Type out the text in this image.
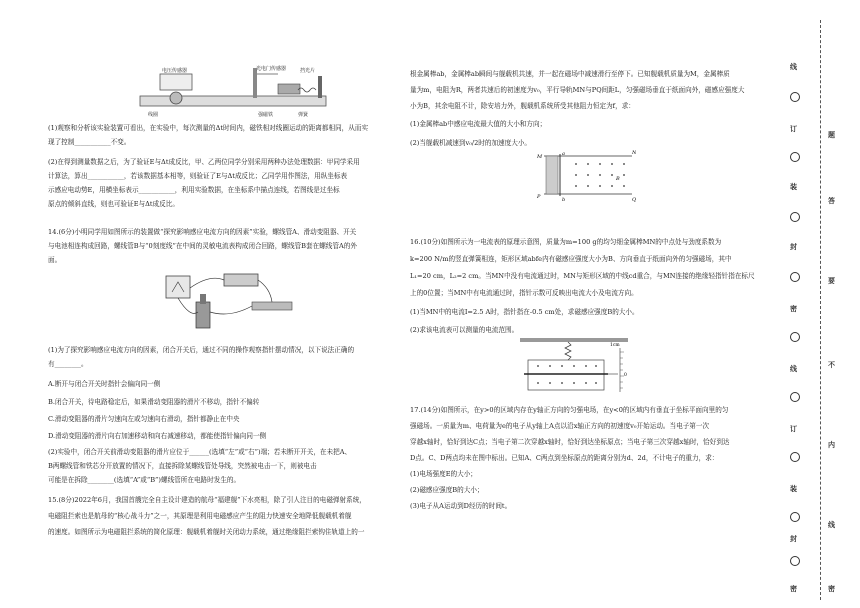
电压传感器	光电门传感器	挡光片
线圈	强磁铁	弹簧

(1)观察和分析该实验装置可看出，在实验中，每次测量的Δt时间内，磁铁相对线圈运动的距离都相同，从而实

现了控制___________不变。

(2)在得到测量数据之后，为了验证E与Δt成反比，甲、乙两位同学分别采用两种办法处理数据：甲同学采用

计算法，算出___________，若该数据基本相等，则验证了E与Δt成反比；乙同学用作图法，用纵坐标表

示感应电动势E，用横坐标表示___________，利用实验数据，在坐标系中描点连线，若图线是过坐标

原点的倾斜直线，则也可验证E与Δt成反比。

14.(6分)小明同学用如图所示的装置做“探究影响感应电流方向的因素”实验，螺线管A、滑动变阻器、开关

与电池相连构成回路，螺线管B与“0刻度线”在中间的灵敏电流表构成闭合回路，螺线管B套在螺线管A的外

面。

(1)为了探究影响感应电流方向的因素，闭合开关后，通过不同的操作观察指针摆动情况，以下说法正确的

有________。

A.断开与闭合开关时指针会偏向同一侧

B.闭合开关，待电路稳定后，如果滑动变阻器的滑片不移动，指针不偏转

C.滑动变阻器的滑片匀速向左或匀速向右滑动，指针都静止在中央

D.滑动变阻器的滑片向右加速移动和向右减速移动，都能使指针偏向同一侧

(2)实验中，闭合开关前滑动变阻器的滑片应位于______(选填“左”或“右”)端；若未断开开关，在未把A、

B两螺线管和铁芯分开放置的情况下，直接拆除某螺线管处导线，突然被电击一下，则被电击

可能是在拆除________(选填“A”或“B”)螺线管所在电路时发生的。

15.(8分)2022年6月，我国首艘完全自主设计建造的航母“福建舰”下水亮相，除了引人注目的电磁弹射系统，

电磁阻拦索也是航母的“核心战斗力”之一，其原理是利用电磁感应产生的阻力快速安全地降低舰载机着舰

的速度。如图所示为电磁阻拦系统的简化原理：舰载机着舰时关闭动力系统，通过绝缘阻拦索钩住轨道上的一

根金属棒ab，金属棒ab瞬间与舰载机共速，并一起在磁场中减速滑行至停下。已知舰载机质量为M，金属棒质

量为m，电阻为R，两者共速后的初速度为v₀，平行导轨MN与PQ间距L，匀强磁场垂直于纸面向外，磁感应强度大

小为B，其余电阻不计，除安培力外，舰载机系统所受其他阻力恒定为f，求：

(1)金属棒ab中感应电流最大值的大小和方向；

(2)当舰载机减速到v₀/2时的加速度大小。

M
N
P	Q
a
b
B

16.(10分)如图所示为一电流表的原理示意图，质量为m=100 g的均匀细金属棒MN的中点处与劲度系数为

k=200 N/m的竖直弹簧相连，矩形区域abfe内有磁感应强度大小为B、方向垂直于纸面向外的匀强磁场，其中

L₁=20 cm，L₂=2 cm。当MN中没有电流通过时，MN与矩形区域的中线cd重合，与MN连接的绝缘轻指针指在标尺

上的0位置；当MN中有电流通过时，指针示数可反映出电流大小及电流方向。

(1)当MN中的电流I=2.5 A时，指针指在-0.5 cm处，求磁感应强度B的大小。

(2)求该电流表可以测量的电流范围。

1cm
0

17.(14分)如图所示，在y>0的区域内存在y轴正方向的匀强电场，在y<0的区域内有垂直于坐标平面向里的匀

强磁场。一质量为m、电荷量为e的电子从y轴上A点以沿x轴正方向的初速度v₀开始运动。当电子第一次

穿越x轴时，恰好到达C点；当电子第二次穿越x轴时，恰好到达坐标原点；当电子第三次穿越x轴时，恰好到达

D点。C、D两点均未在图中标出。已知A、C两点到坐标原点的距离分别为d、2d，不计电子的重力，求：

(1)电场强度E的大小；

(2)磁感应强度B的大小；

(3)电子从A运动到D经历的时间t。

线
题
订
答
装
要
封
不
密
内
线
订
线
装
封
密	密
